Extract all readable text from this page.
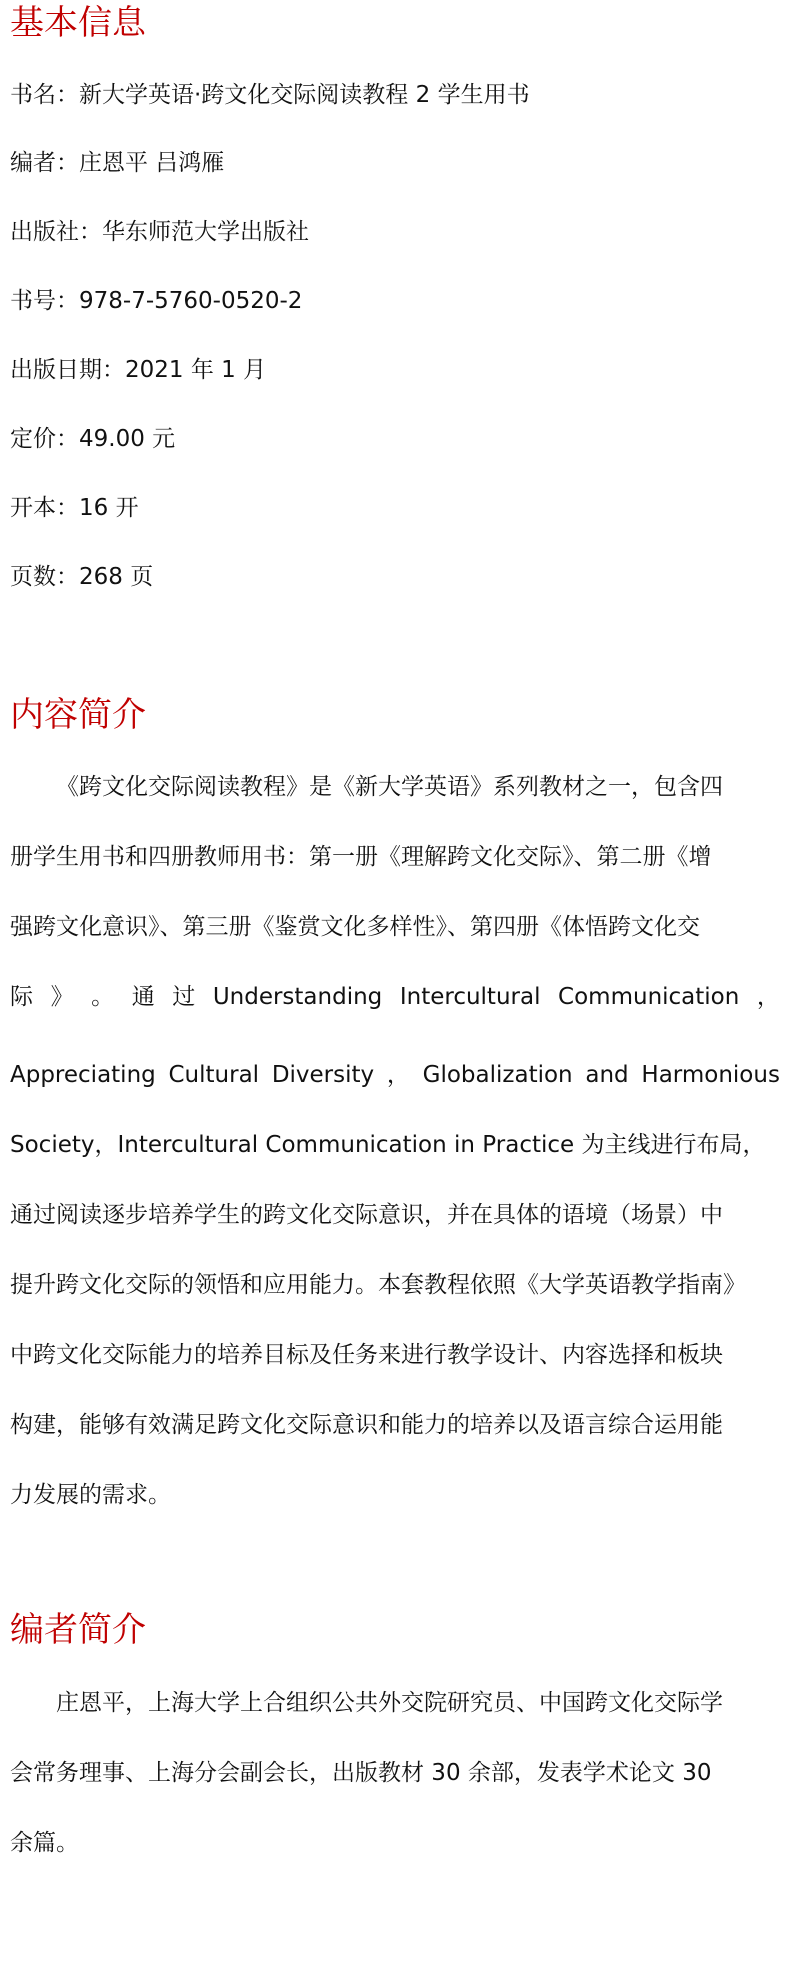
基本信息
书名：新大学英语·跨文化交际阅读教程 2 学生用书
编者：庄恩平 吕鸿雁
出版社：华东师范大学出版社
书号：978-7-5760-0520-2
出版日期：2021 年 1 月
定价：49.00 元
开本：16 开
页数：268 页
内容简介
《跨文化交际阅读教程》是《新大学英语》系列教材之一，包含四
册学生用书和四册教师用书：第一册《理解跨文化交际》、第二册《增
强跨文化意识》、第三册《鉴赏文化多样性》、第四册《体悟跨文化交
际 》 。 通 过 Understanding Intercultural Communication ，
Appreciating Cultural Diversity ， Globalization and Harmonious
Society，Intercultural Communication in Practice 为主线进行布局，
通过阅读逐步培养学生的跨文化交际意识，并在具体的语境（场景）中
提升跨文化交际的领悟和应用能力。本套教程依照《大学英语教学指南》
中跨文化交际能力的培养目标及任务来进行教学设计、内容选择和板块
构建，能够有效满足跨文化交际意识和能力的培养以及语言综合运用能
力发展的需求。
编者简介
庄恩平，上海大学上合组织公共外交院研究员、中国跨文化交际学
会常务理事、上海分会副会长，出版教材 30 余部，发表学术论文 30
余篇。
